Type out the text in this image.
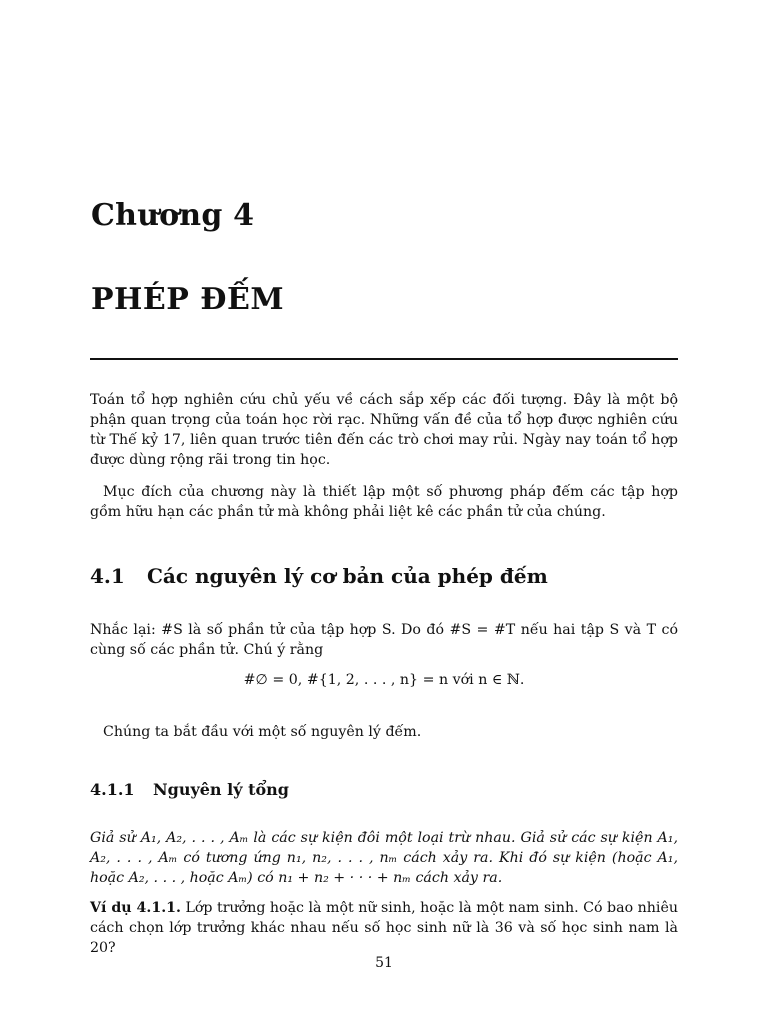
Chương 4
PHÉP ĐẾM
Toán tổ hợp nghiên cứu chủ yếu về cách sắp xếp các đối tượng. Đây là một bộ phận quan trọng của toán học rời rạc. Những vấn đề của tổ hợp được nghiên cứu từ Thế kỷ 17, liên quan trước tiên đến các trò chơi may rủi. Ngày nay toán tổ hợp được dùng rộng rãi trong tin học.
Mục đích của chương này là thiết lập một số phương pháp đếm các tập hợp gồm hữu hạn các phần tử mà không phải liệt kê các phần tử của chúng.
4.1 Các nguyên lý cơ bản của phép đếm
Nhắc lại: #S là số phần tử của tập hợp S. Do đó #S = #T nếu hai tập S và T có cùng số các phần tử. Chú ý rằng
#∅ = 0, #{1, 2, . . . , n} = n với n ∈ ℕ.
Chúng ta bắt đầu với một số nguyên lý đếm.
4.1.1 Nguyên lý tổng
Giả sử A₁, A₂, . . . , Aₘ là các sự kiện đôi một loại trừ nhau. Giả sử các sự kiện A₁, A₂, . . . , Aₘ có tương ứng n₁, n₂, . . . , nₘ cách xảy ra. Khi đó sự kiện (hoặc A₁, hoặc A₂, . . . , hoặc Aₘ) có n₁ + n₂ + · · · + nₘ cách xảy ra.
Ví dụ 4.1.1. Lớp trưởng hoặc là một nữ sinh, hoặc là một nam sinh. Có bao nhiêu cách chọn lớp trưởng khác nhau nếu số học sinh nữ là 36 và số học sinh nam là 20?
51
